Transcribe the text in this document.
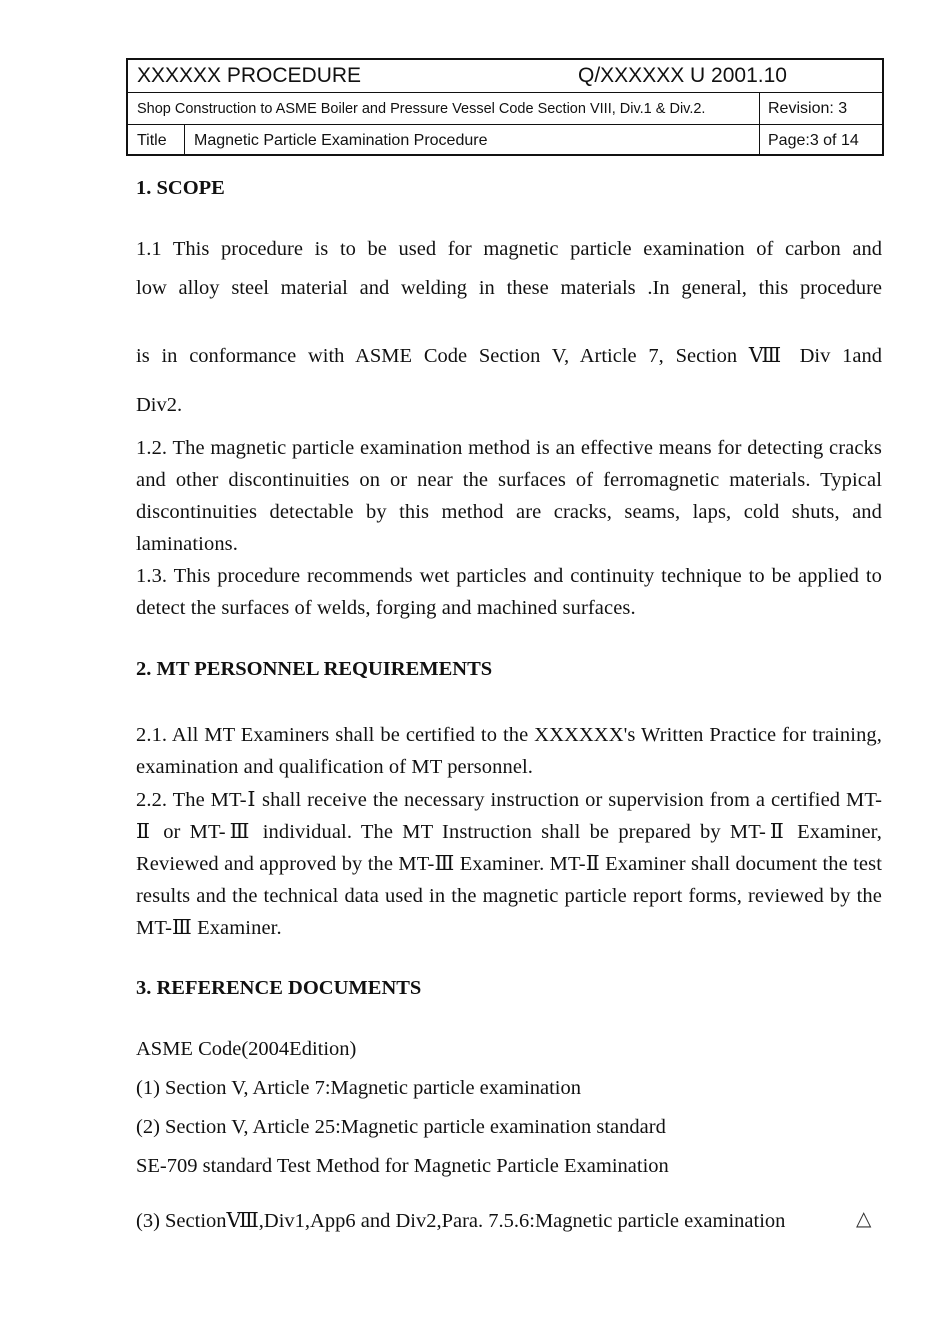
XXXXXX PROCEDURE	Q/XXXXXX U 2001.10
Shop Construction to ASME Boiler and Pressure Vessel Code Section VIII, Div.1 & Div.2.	Revision: 3
Title	Magnetic Particle Examination Procedure	Page:3 of 14
1. SCOPE
1.1 This procedure is to be used for magnetic particle examination of carbon and
low alloy steel material and welding in these materials .In general, this procedure
is in conformance with ASME Code Section V, Article 7, Section Ⅷ Div 1and
Div2.
1.2. The magnetic particle examination method is an effective means for detecting cracks and other discontinuities on or near the surfaces of ferromagnetic materials. Typical discontinuities detectable by this method are cracks, seams, laps, cold shuts, and laminations.
1.3. This procedure recommends wet particles and continuity technique to be applied to detect the surfaces of welds, forging and machined surfaces.
2. MT PERSONNEL REQUIREMENTS
2.1. All MT Examiners shall be certified to the XXXXXX's Written Practice for training, examination and qualification of MT personnel.
2.2. The MT-Ⅰ shall receive the necessary instruction or supervision from a certified MT-Ⅱ or MT-Ⅲ individual. The MT Instruction shall be prepared by MT-Ⅱ Examiner, Reviewed and approved by the MT-Ⅲ Examiner. MT-Ⅱ Examiner shall document the test results and the technical data used in the magnetic particle report forms, reviewed by the MT-Ⅲ Examiner.
3. REFERENCE DOCUMENTS
ASME Code(2004Edition)
(1) Section V, Article 7:Magnetic particle examination
(2) Section V, Article 25:Magnetic particle examination standard
SE-709 standard Test Method for Magnetic Particle Examination
(3) SectionⅧ,Div1,App6 and Div2,Para. 7.5.6:Magnetic particle examination	△
